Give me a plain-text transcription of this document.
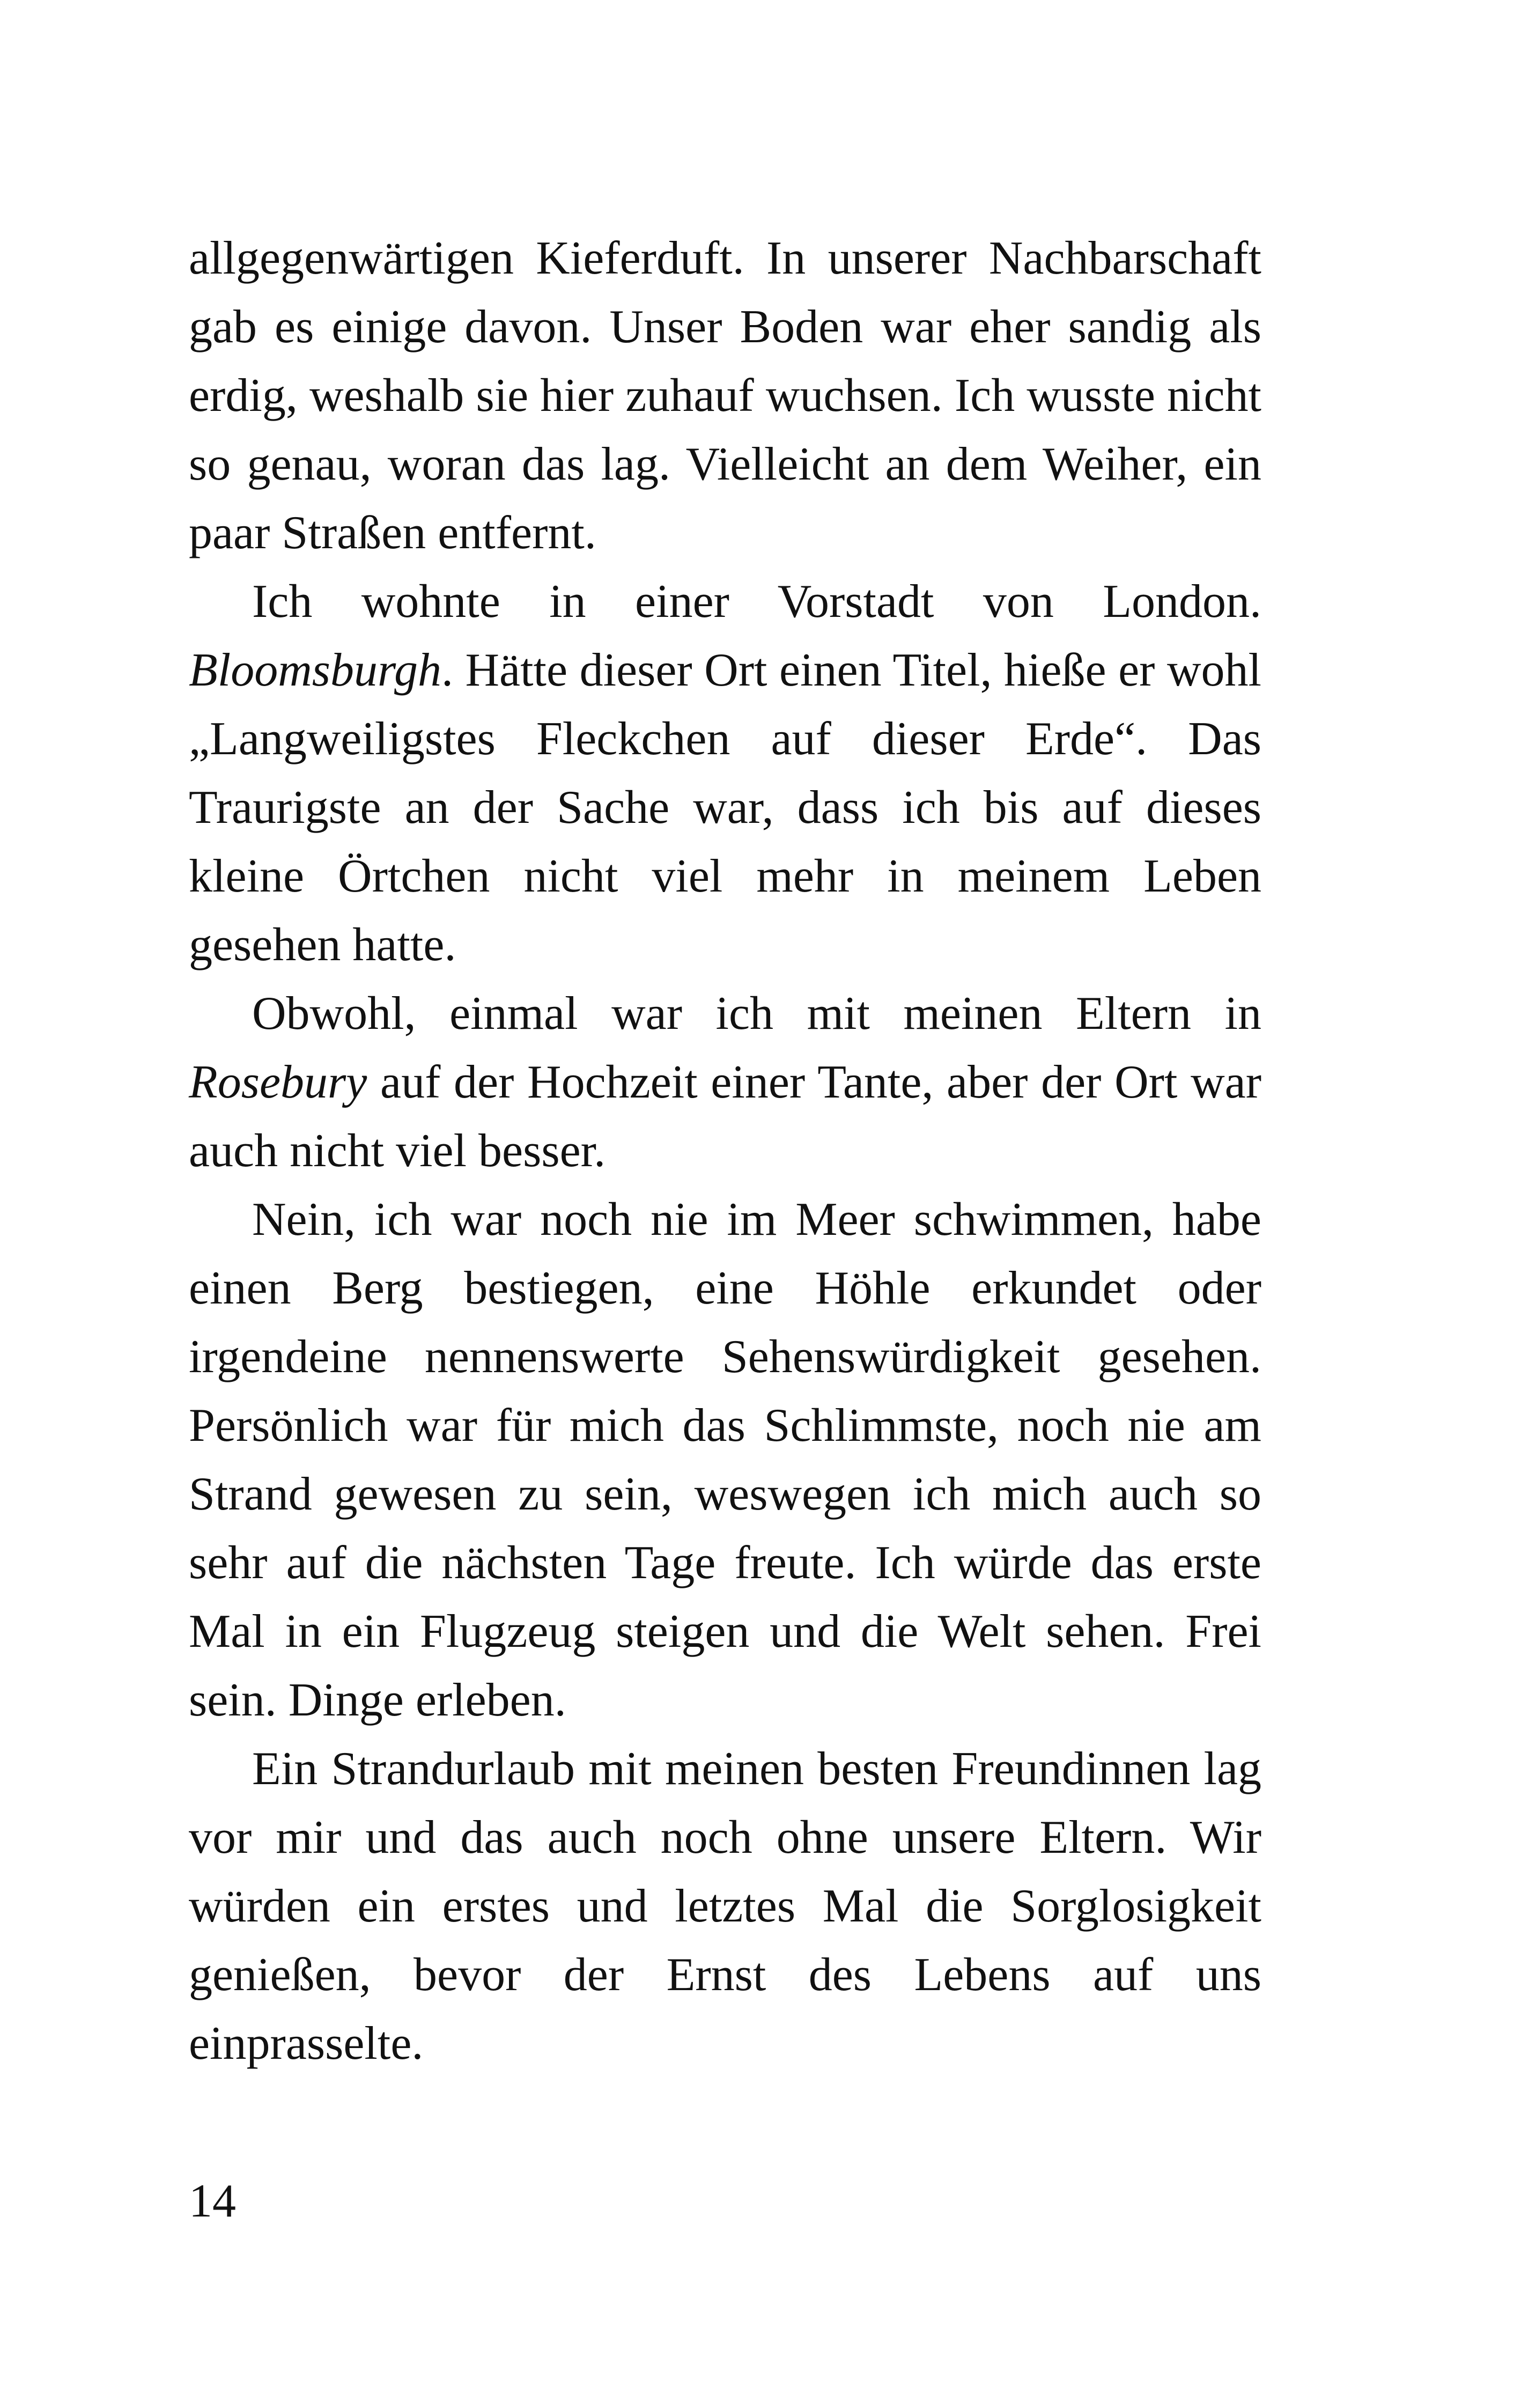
allgegenwärtigen Kieferduft. In unserer Nachbarschaft gab es einige davon. Unser Boden war eher sandig als erdig, weshalb sie hier zuhauf wuchsen. Ich wusste nicht so genau, woran das lag. Vielleicht an dem Weiher, ein paar Straßen entfernt.

Ich wohnte in einer Vorstadt von London. Bloomsburgh. Hätte dieser Ort einen Titel, hieße er wohl „Langweiligstes Fleckchen auf dieser Erde“. Das Traurigste an der Sache war, dass ich bis auf dieses kleine Örtchen nicht viel mehr in meinem Leben gesehen hatte.

Obwohl, einmal war ich mit meinen Eltern in Rosebury auf der Hochzeit einer Tante, aber der Ort war auch nicht viel besser.

Nein, ich war noch nie im Meer schwimmen, habe einen Berg bestiegen, eine Höhle erkundet oder irgendeine nennenswerte Sehenswürdigkeit gesehen. Persönlich war für mich das Schlimmste, noch nie am Strand gewesen zu sein, weswegen ich mich auch so sehr auf die nächsten Tage freute. Ich würde das erste Mal in ein Flugzeug steigen und die Welt sehen. Frei sein. Dinge erleben.

Ein Strandurlaub mit meinen besten Freundinnen lag vor mir und das auch noch ohne unsere Eltern. Wir würden ein erstes und letztes Mal die Sorglosigkeit genießen, bevor der Ernst des Lebens auf uns einprasselte.

14
